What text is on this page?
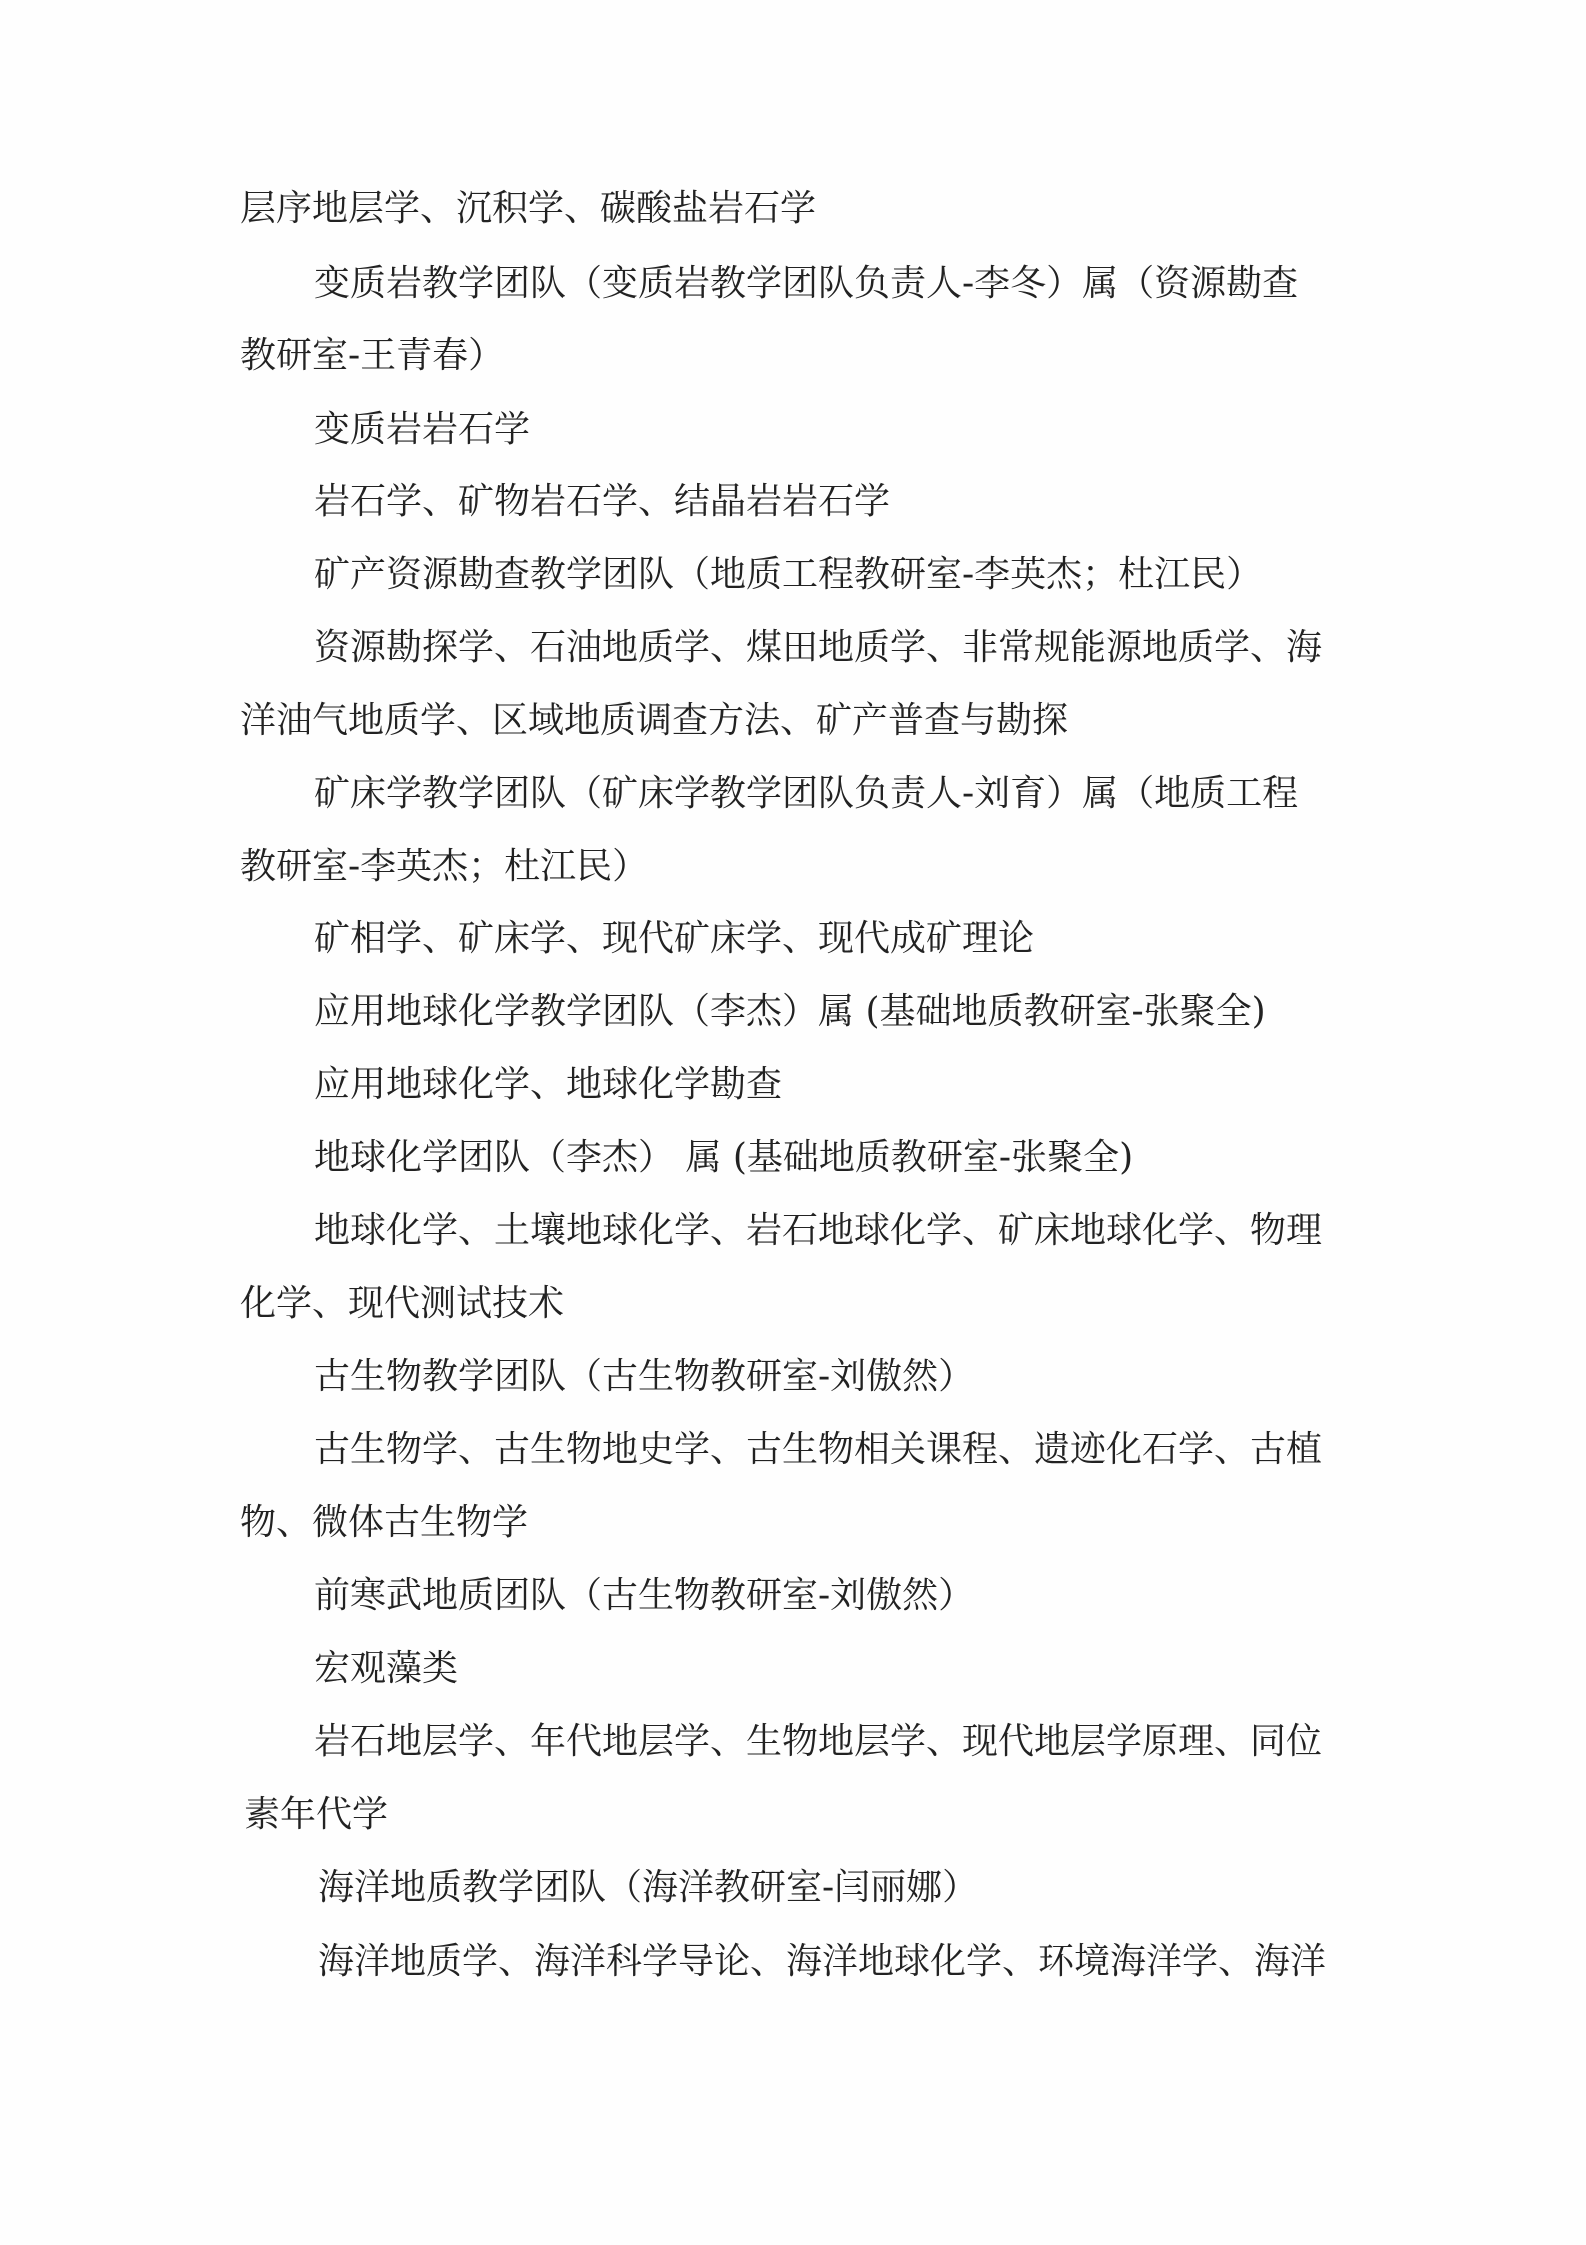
层序地层学、沉积学、碳酸盐岩石学

变质岩教学团队（变质岩教学团队负责人-李冬）属（资源勘查

教研室-王青春）

变质岩岩石学

岩石学、矿物岩石学、结晶岩岩石学

矿产资源勘查教学团队（地质工程教研室-李英杰；杜江民）

资源勘探学、石油地质学、煤田地质学、非常规能源地质学、海

洋油气地质学、区域地质调查方法、矿产普查与勘探

矿床学教学团队（矿床学教学团队负责人-刘育）属（地质工程

教研室-李英杰；杜江民）

矿相学、矿床学、现代矿床学、现代成矿理论

应用地球化学教学团队（李杰）属 (基础地质教研室-张聚全)

应用地球化学、地球化学勘查

地球化学团队（李杰） 属 (基础地质教研室-张聚全)

地球化学、土壤地球化学、岩石地球化学、矿床地球化学、物理

化学、现代测试技术

古生物教学团队（古生物教研室-刘傲然）

古生物学、古生物地史学、古生物相关课程、遗迹化石学、古植

物、微体古生物学

前寒武地质团队（古生物教研室-刘傲然）

宏观藻类

岩石地层学、年代地层学、生物地层学、现代地层学原理、同位

素年代学

海洋地质教学团队（海洋教研室-闫丽娜）

海洋地质学、海洋科学导论、海洋地球化学、环境海洋学、海洋
